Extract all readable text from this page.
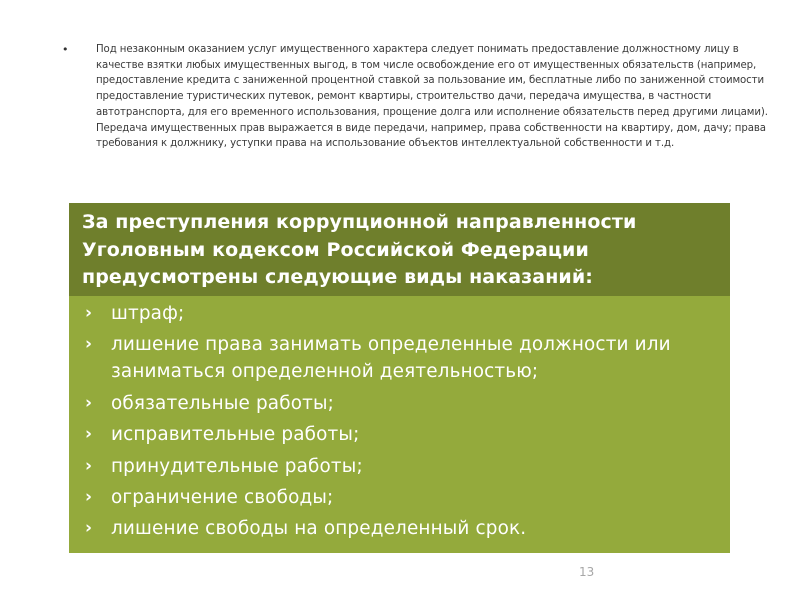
•	Под незаконным оказанием услуг имущественного характера следует понимать предоставление должностному лицу в качестве взятки любых имущественных выгод, в том числе освобождение его от имущественных обязательств (например, предоставление кредита с заниженной процентной ставкой за пользование им, бесплатные либо по заниженной стоимости предоставление туристических путевок, ремонт квартиры, строительство дачи, передача имущества, в частности автотранспорта, для его временного использования, прощение долга или исполнение обязательств перед другими лицами). Передача имущественных прав выражается в виде передачи, например, права собственности на квартиру, дом, дачу; права требования к должнику, уступки права на использование объектов интеллектуальной собственности и т.д.
За преступления коррупционной направленности Уголовным кодексом Российской Федерации предусмотрены следующие виды наказаний:
› штраф;
› лишение права занимать определенные должности или заниматься определенной деятельностью;
› обязательные работы;
› исправительные работы;
› принудительные работы;
› ограничение свободы;
› лишение свободы на определенный срок.
13
